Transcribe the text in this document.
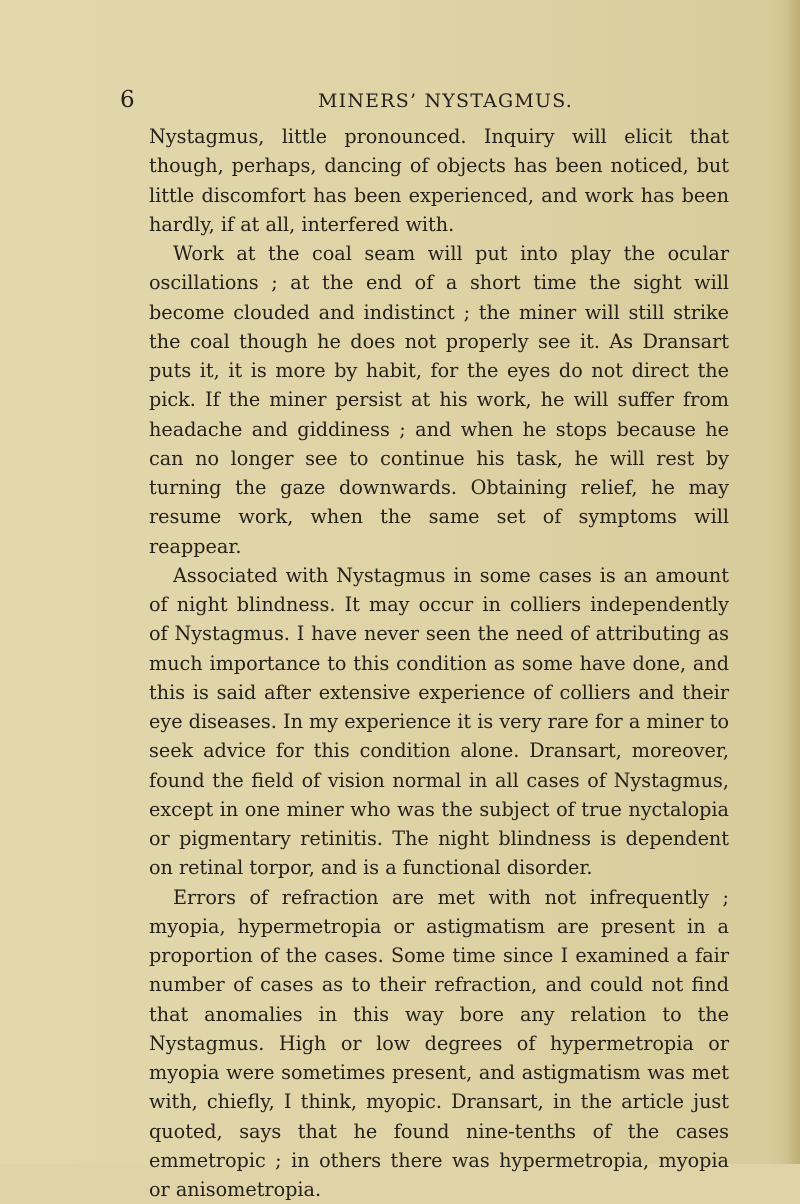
6	MINERS’ NYSTAGMUS.

Nystagmus, little pronounced. Inquiry will elicit that though, perhaps, dancing of objects has been noticed, but little discomfort has been experienced, and work has been hardly, if at all, interfered with.

Work at the coal seam will put into play the ocular oscillations ; at the end of a short time the sight will become clouded and indistinct ; the miner will still strike the coal though he does not properly see it. As Dransart puts it, it is more by habit, for the eyes do not direct the pick. If the miner persist at his work, he will suffer from headache and giddiness ; and when he stops because he can no longer see to continue his task, he will rest by turning the gaze downwards. Obtaining relief, he may resume work, when the same set of symptoms will reappear.

Associated with Nystagmus in some cases is an amount of night blindness. It may occur in colliers independently of Nystagmus. I have never seen the need of attributing as much importance to this condition as some have done, and this is said after extensive experience of colliers and their eye diseases. In my experience it is very rare for a miner to seek advice for this condition alone. Dransart, moreover, found the field of vision normal in all cases of Nystagmus, except in one miner who was the subject of true nyctalopia or pigmentary retinitis. The night blindness is dependent on retinal torpor, and is a functional disorder.

Errors of refraction are met with not infrequently ; myopia, hypermetropia or astigmatism are present in a proportion of the cases. Some time since I examined a fair number of cases as to their refraction, and could not find that anomalies in this way bore any relation to the Nystagmus. High or low degrees of hypermetropia or myopia were sometimes present, and astigmatism was met with, chiefly, I think, myopic. Dransart, in the article just quoted, says that he found nine-tenths of the cases emmetropic ; in others there was hypermetropia, myopia or anisometropia.
